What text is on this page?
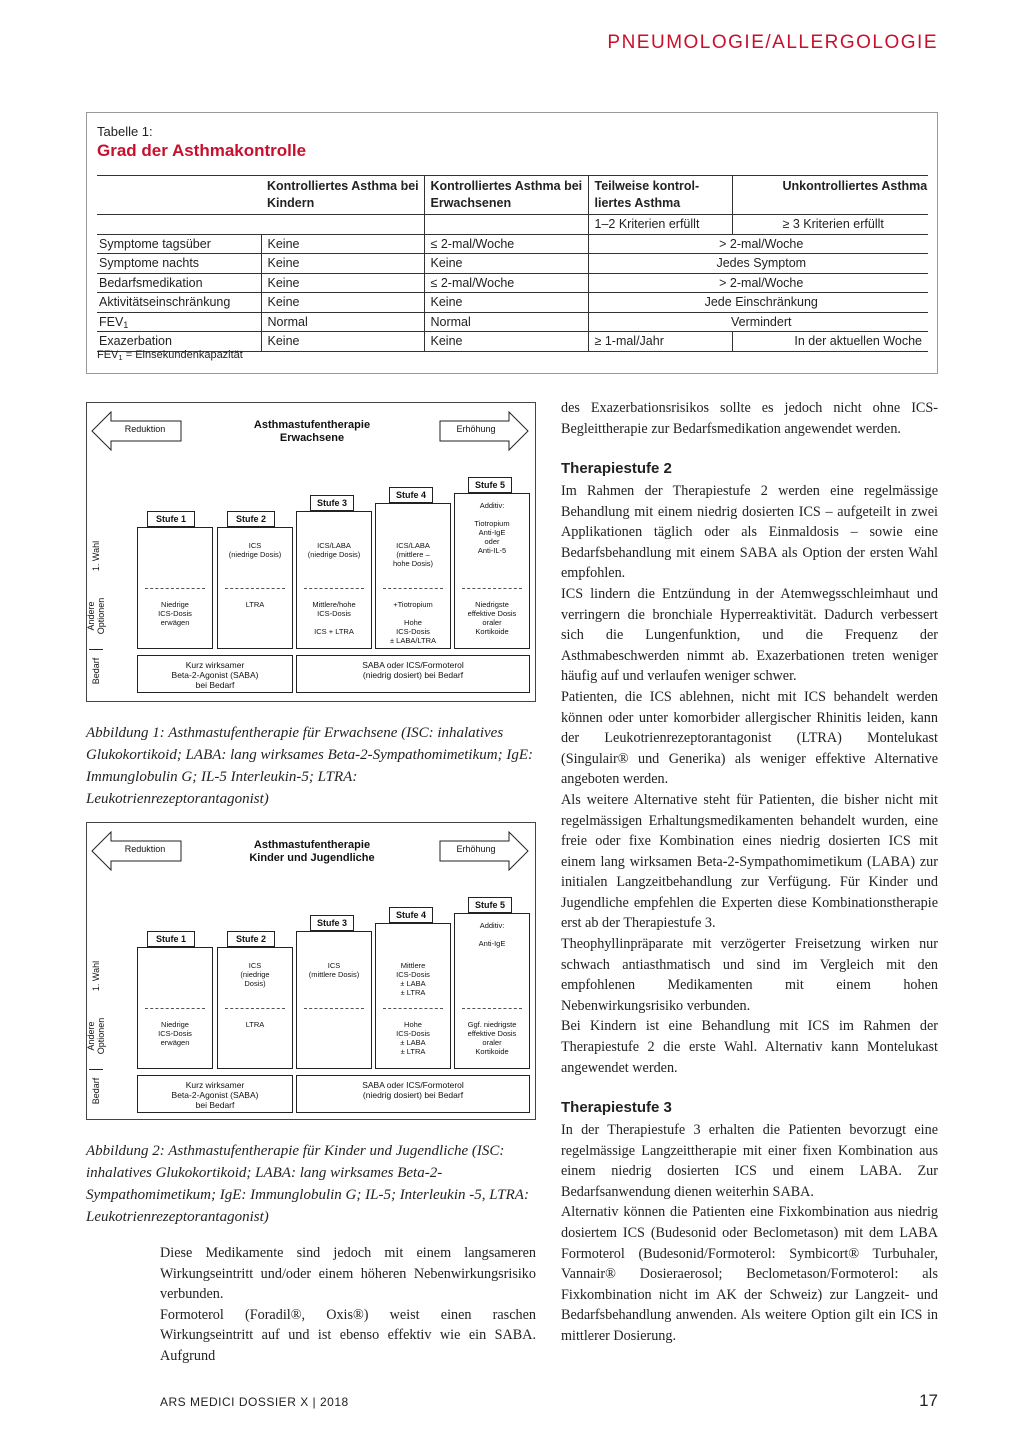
PNEUMOLOGIE/ALLERGOLOGIE
Tabelle 1:
Grad der Asthmakontrolle
	Kontrolliertes Asthma bei Kindern	Kontrolliertes Asthma bei Erwachsenen	Teilweise kontrol-liertes Asthma	Unkontrolliertes Asthma
			1–2 Kriterien erfüllt	≥ 3 Kriterien erfüllt
Symptome tagsüber	Keine	≤ 2-mal/Woche	> 2-mal/Woche	
Symptome nachts	Keine	Keine	Jedes Symptom	
Bedarfsmedikation	Keine	≤ 2-mal/Woche	> 2-mal/Woche	
Aktivitätseinschränkung	Keine	Keine	Jede Einschränkung	
$FEV_1$	Normal	Normal	Vermindert	
Exazerbation	Keine	Keine	≥ 1-mal/Jahr	In der aktuellen Woche
$FEV_1$ = Einsekundenkapazität
Reduktion	Erhöhung
Asthmastufentherapie
Erwachsene
1. Wahl
Andere Optionen
Bedarf
Stufe 1
Niedrige
ICS-Dosis
erwägen
Stufe 2
ICS
(niedrige Dosis)
LTRA
Stufe 3
ICS/LABA
(niedrige Dosis)
Mittlere/hohe
ICS-Dosis

ICS + LTRA
Stufe 4
ICS/LABA
(mittlere –
hohe Dosis)
+Tiotropium

Hohe
ICS-Dosis
± LABA/LTRA
Stufe 5
Additiv:

Tiotropium
Anti-IgE
oder
Anti-IL-5
Niedrigste
effektive Dosis
oraler
Kortikoide
Kurz wirksamer
Beta-2-Agonist (SABA)
bei Bedarf
SABA oder ICS/Formoterol
(niedrig dosiert) bei Bedarf
Abbildung 1: Asthmastufentherapie für Erwachsene (ISC: inhalatives Glukokortikoid; LABA: lang wirksames Beta-2-Sympathomimetikum; IgE: Immunglobulin G; IL-5 Interleukin-5; LTRA: Leukotrienrezeptorantagonist)
Reduktion	Erhöhung
Asthmastufentherapie
Kinder und Jugendliche
1. Wahl
Andere Optionen
Bedarf
Stufe 1
Niedrige
ICS-Dosis
erwägen
Stufe 2
ICS
(niedrige
Dosis)
LTRA
Stufe 3
ICS
(mittlere Dosis)
Stufe 4
Mittlere
ICS-Dosis
± LABA
± LTRA
Hohe
ICS-Dosis
± LABA
± LTRA
Stufe 5
Additiv:

Anti-IgE
Ggf. niedrigste
effektive Dosis
oraler
Kortikoide
Kurz wirksamer
Beta-2-Agonist (SABA)
bei Bedarf
SABA oder ICS/Formoterol
(niedrig dosiert) bei Bedarf
Abbildung 2: Asthmastufentherapie für Kinder und Jugendliche (ISC: inhalatives Glukokortikoid; LABA: lang wirksames Beta-2-Sympathomimetikum; IgE: Immunglobulin G; IL-5; Interleukin -5, LTRA: Leukotrienrezeptorantagonist)

Diese Medikamente sind jedoch mit einem langsameren Wirkungseintritt und/oder einem höheren Nebenwirkungsrisiko verbunden.

Formoterol (Foradil®, Oxis®) weist einen raschen Wirkungseintritt auf und ist ebenso effektiv wie ein SABA. Aufgrund

des Exazerbationsrisikos sollte es jedoch nicht ohne ICS-Begleittherapie zur Bedarfsmedikation angewendet werden.

Therapiestufe 2

Im Rahmen der Therapiestufe 2 werden eine regelmässige Behandlung mit einem niedrig dosierten ICS – aufgeteilt in zwei Applikationen täglich oder als Einmaldosis – sowie eine Bedarfsbehandlung mit einem SABA als Option der ersten Wahl empfohlen.

ICS lindern die Entzündung in der Atemwegsschleimhaut und verringern die bronchiale Hyperreaktivität. Dadurch verbessert sich die Lungenfunktion, und die Frequenz der Asthmabeschwerden nimmt ab. Exazerbationen treten weniger häufig auf und verlaufen weniger schwer.

Patienten, die ICS ablehnen, nicht mit ICS behandelt werden können oder unter komorbider allergischer Rhinitis leiden, kann der Leukotrienrezeptorantagonist (LTRA) Montelukast (Singulair® und Generika) als weniger effektive Alternative angeboten werden.

Als weitere Alternative steht für Patienten, die bisher nicht mit regelmässigen Erhaltungsmedikamenten behandelt wurden, eine freie oder fixe Kombination eines niedrig dosierten ICS mit einem lang wirksamen Beta-2-Sympathomimetikum (LABA) zur initialen Langzeitbehandlung zur Verfügung. Für Kinder und Jugendliche empfehlen die Experten diese Kombinationstherapie erst ab der Therapiestufe 3.

Theophyllinpräparate mit verzögerter Freisetzung wirken nur schwach antiasthmatisch und sind im Vergleich mit den empfohlenen Medikamenten mit einem hohen Nebenwirkungsrisiko verbunden.

Bei Kindern ist eine Behandlung mit ICS im Rahmen der Therapiestufe 2 die erste Wahl. Alternativ kann Montelukast angewendet werden.

Therapiestufe 3

In der Therapiestufe 3 erhalten die Patienten bevorzugt eine regelmässige Langzeittherapie mit einer fixen Kombination aus einem niedrig dosierten ICS und einem LABA. Zur Bedarfsanwendung dienen weiterhin SABA.

Alternativ können die Patienten eine Fixkombination aus niedrig dosiertem ICS (Budesonid oder Beclometason) mit dem LABA Formoterol (Budesonid/Formoterol: Symbicort® Turbuhaler, Vannair® Dosieraerosol; Beclometason/Formoterol: als Fixkombination nicht im AK der Schweiz) zur Langzeit- und Bedarfsbehandlung anwenden. Als weitere Option gilt ein ICS in mittlerer Dosierung.

ARS MEDICI DOSSIER X | 2018	17
